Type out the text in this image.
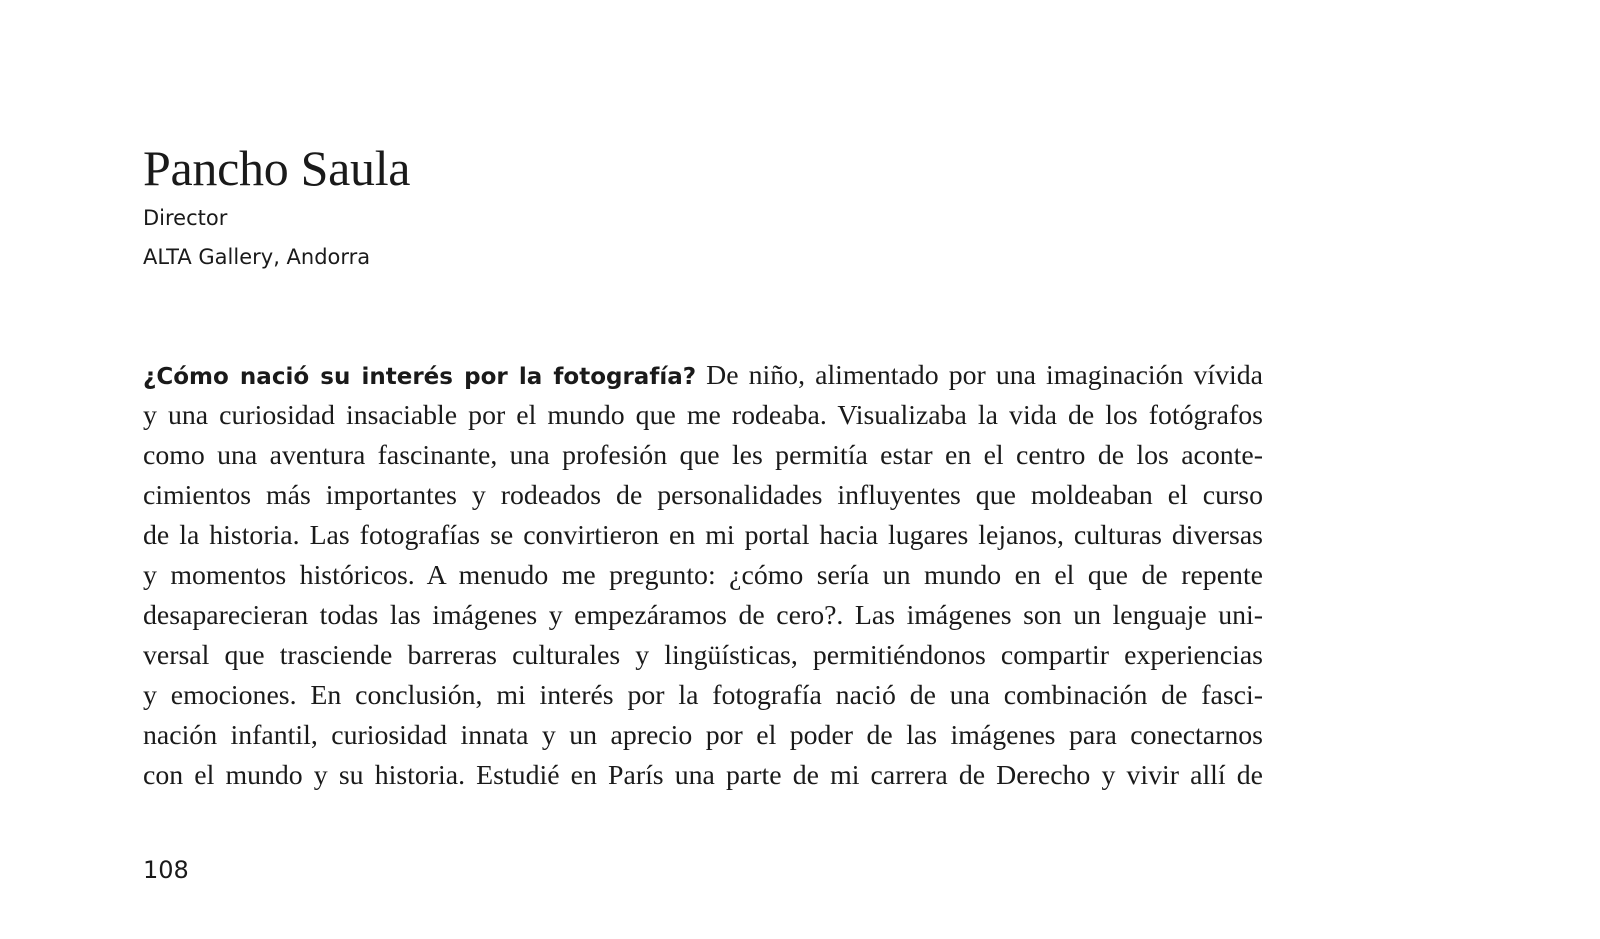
Pancho Saula
Director
ALTA Gallery, Andorra
¿Cómo nació su interés por la fotografía? De niño, alimentado por una imaginación vívida
y una curiosidad insaciable por el mundo que me rodeaba. Visualizaba la vida de los fotógrafos
como una aventura fascinante, una profesión que les permitía estar en el centro de los aconte-
cimientos más importantes y rodeados de personalidades influyentes que moldeaban el curso
de la historia. Las fotografías se convirtieron en mi portal hacia lugares lejanos, culturas diversas
y momentos históricos. A menudo me pregunto: ¿cómo sería un mundo en el que de repente
desaparecieran todas las imágenes y empezáramos de cero?. Las imágenes son un lenguaje uni-
versal que trasciende barreras culturales y lingüísticas, permitiéndonos compartir experiencias
y emociones. En conclusión, mi interés por la fotografía nació de una combinación de fasci-
nación infantil, curiosidad innata y un aprecio por el poder de las imágenes para conectarnos
con el mundo y su historia. Estudié en París una parte de mi carrera de Derecho y vivir allí de
108
